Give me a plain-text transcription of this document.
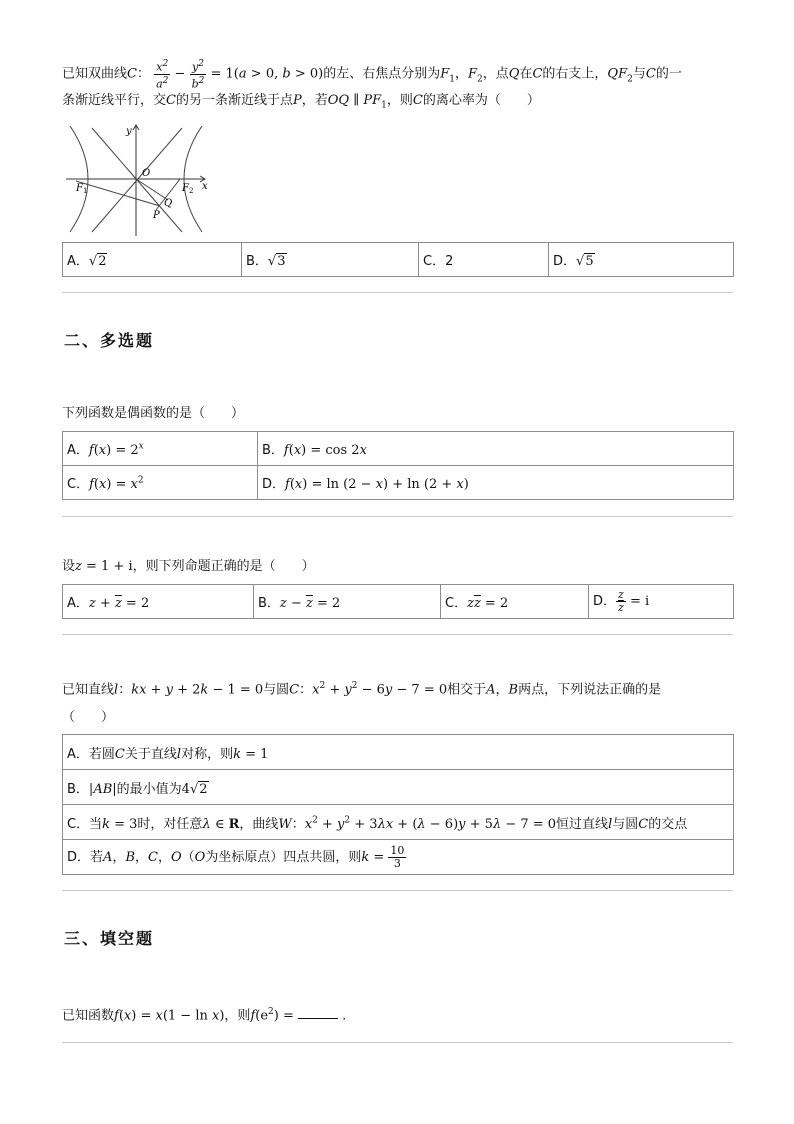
已知双曲线C： $\frac{x^2}{a^2} - \frac{y^2}{b^2} = 1(a > 0$, b > 0)的左、右焦点分别为$F_1$，$F_2$，点Q在C的右支上，$QF_2$与C的一
条渐近线平行，交C的另一条渐近线于点P，若OQ ∥ $PF_1$，则C的离心率为（　　）
y
x
O
$F_1$	$F_2$
Q
P
A．√2	B．√3	C．2	D．√5
二、多选题
下列函数是偶函数的是（　　）
A．$f(x) = 2^x$	B．f(x) = cos 2x
C．$f(x) = x^2$	D．f(x) = ln (2 − x) + ln (2 + x)
设z = 1 + i，则下列命题正确的是（　　）
A．$z + \overline{z} = 2$	B．$z - \overline{z} = 2$	C．$z\overline{z} = 2$	D． $\frac{z}{z} = i$
已知直线l：kx + y + 2k − 1 = 0与圆C：$x^2 + y^2 - 6y - 7 = 0$相交于A，B两点，下列说法正确的是
（　　）
A．若圆C关于直线l对称，则k = 1
B．|AB|的最小值为4√2
C．当k = 3时，对任意λ ∈ R，曲线W：$x^2 + y^2 + 3\lambda x + (\lambda - 6)y + 5\lambda - 7 = 0$恒过直线l与圆C的交点
D．若A，B，C，O（O为坐标原点）四点共圆，则$k = \frac{10}{3}$
三、填空题
已知函数f(x) = x(1 − ln x)，则$f(e^2)$ =	.
